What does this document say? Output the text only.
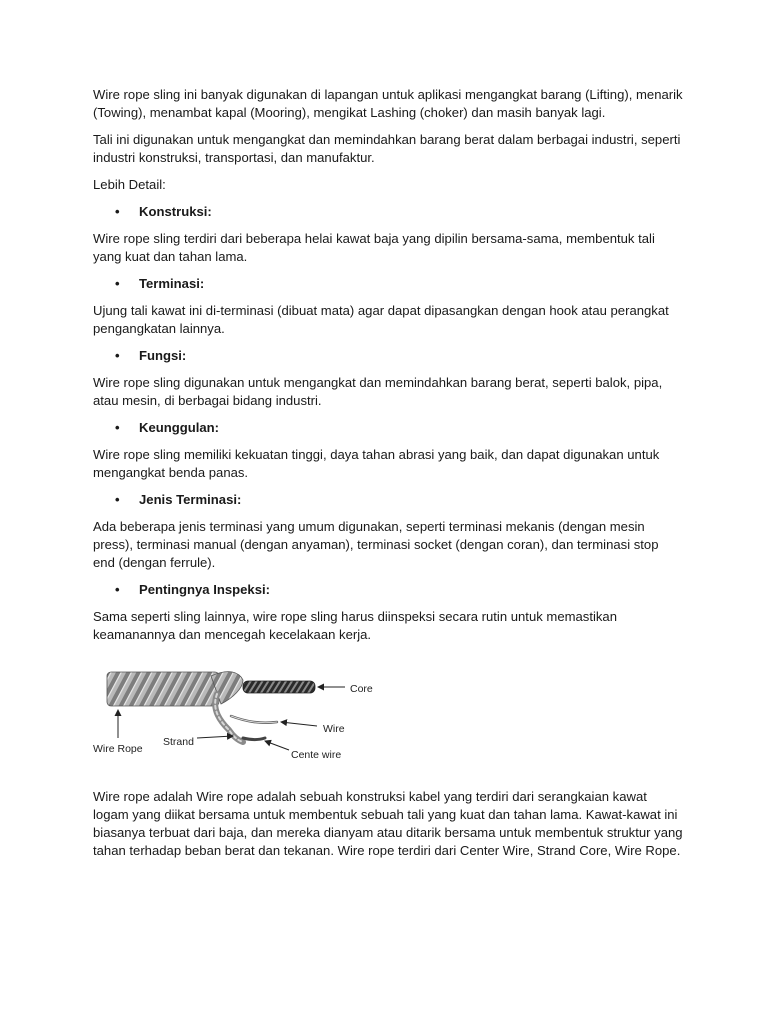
Wire rope sling ini banyak digunakan di lapangan untuk aplikasi mengangkat barang (Lifting), menarik (Towing), menambat kapal (Mooring), mengikat Lashing (choker) dan masih banyak lagi.

Tali ini digunakan untuk mengangkat dan memindahkan barang berat dalam berbagai industri, seperti industri konstruksi, transportasi, dan manufaktur.

Lebih Detail:

• Konstruksi:

Wire rope sling terdiri dari beberapa helai kawat baja yang dipilin bersama-sama, membentuk tali yang kuat dan tahan lama.

• Terminasi:

Ujung tali kawat ini di-terminasi (dibuat mata) agar dapat dipasangkan dengan hook atau perangkat pengangkatan lainnya.

• Fungsi:

Wire rope sling digunakan untuk mengangkat dan memindahkan barang berat, seperti balok, pipa, atau mesin, di berbagai bidang industri.

• Keunggulan:

Wire rope sling memiliki kekuatan tinggi, daya tahan abrasi yang baik, dan dapat digunakan untuk mengangkat benda panas.

• Jenis Terminasi:

Ada beberapa jenis terminasi yang umum digunakan, seperti terminasi mekanis (dengan mesin press), terminasi manual (dengan anyaman), terminasi socket (dengan coran), dan terminasi stop end (dengan ferrule).

• Pentingnya Inspeksi:

Sama seperti sling lainnya, wire rope sling harus diinspeksi secara rutin untuk memastikan keamanannya dan mencegah kecelakaan kerja.

Core
Wire
Wire Rope
Strand
Cente wire

Wire rope adalah Wire rope adalah sebuah konstruksi kabel yang terdiri dari serangkaian kawat logam yang diikat bersama untuk membentuk sebuah tali yang kuat dan tahan lama. Kawat-kawat ini biasanya terbuat dari baja, dan mereka dianyam atau ditarik bersama untuk membentuk struktur yang tahan terhadap beban berat dan tekanan. Wire rope terdiri dari Center Wire, Strand Core, Wire Rope.
